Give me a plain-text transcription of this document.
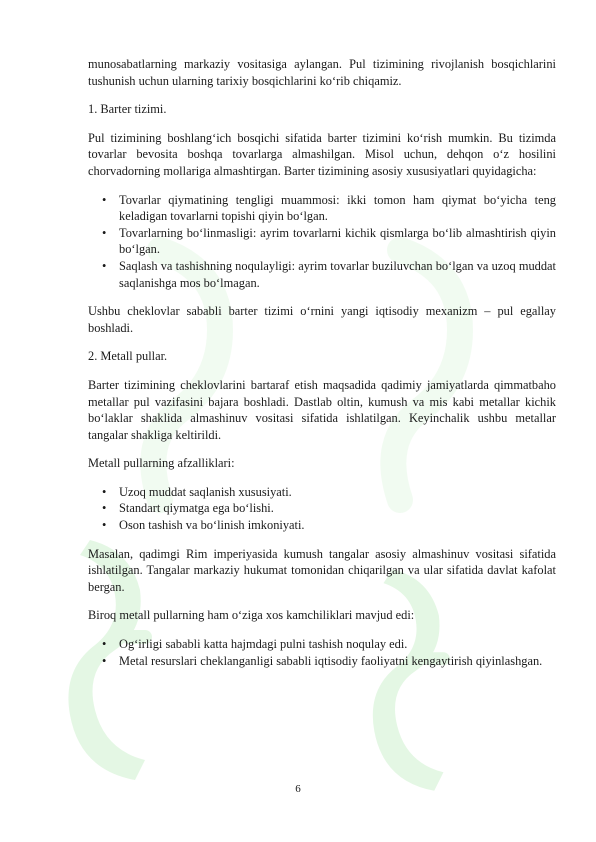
munosabatlarning markaziy vositasiga aylangan. Pul tizimining rivojlanish bosqichlarini tushunish uchun ularning tarixiy bosqichlarini ko‘rib chiqamiz.

1. Barter tizimi.

Pul tizimining boshlang‘ich bosqichi sifatida barter tizimini ko‘rish mumkin. Bu tizimda tovarlar bevosita boshqa tovarlarga almashilgan. Misol uchun, dehqon o‘z hosilini chorvadorning mollariga almashtirgan. Barter tizimining asosiy xususiyatlari quyidagicha:

• Tovarlar qiymatining tengligi muammosi: ikki tomon ham qiymat bo‘yicha teng keladigan tovarlarni topishi qiyin bo‘lgan.
• Tovarlarning bo‘linmasligi: ayrim tovarlarni kichik qismlarga bo‘lib almashtirish qiyin bo‘lgan.
• Saqlash va tashishning noqulayligi: ayrim tovarlar buziluvchan bo‘lgan va uzoq muddat saqlanishga mos bo‘lmagan.

Ushbu cheklovlar sababli barter tizimi o‘rnini yangi iqtisodiy mexanizm – pul egallay boshladi.

2. Metall pullar.

Barter tizimining cheklovlarini bartaraf etish maqsadida qadimiy jamiyatlarda qimmatbaho metallar pul vazifasini bajara boshladi. Dastlab oltin, kumush va mis kabi metallar kichik bo‘laklar shaklida almashinuv vositasi sifatida ishlatilgan. Keyinchalik ushbu metallar tangalar shakliga keltirildi.

Metall pullarning afzalliklari:

• Uzoq muddat saqlanish xususiyati.
• Standart qiymatga ega bo‘lishi.
• Oson tashish va bo‘linish imkoniyati.

Masalan, qadimgi Rim imperiyasida kumush tangalar asosiy almashinuv vositasi sifatida ishlatilgan. Tangalar markaziy hukumat tomonidan chiqarilgan va ular sifatida davlat kafolat bergan.

Biroq metall pullarning ham o‘ziga xos kamchiliklari mavjud edi:

• Og‘irligi sababli katta hajmdagi pulni tashish noqulay edi.
• Metal resurslari cheklanganligi sababli iqtisodiy faoliyatni kengaytirish qiyinlashgan.
6
